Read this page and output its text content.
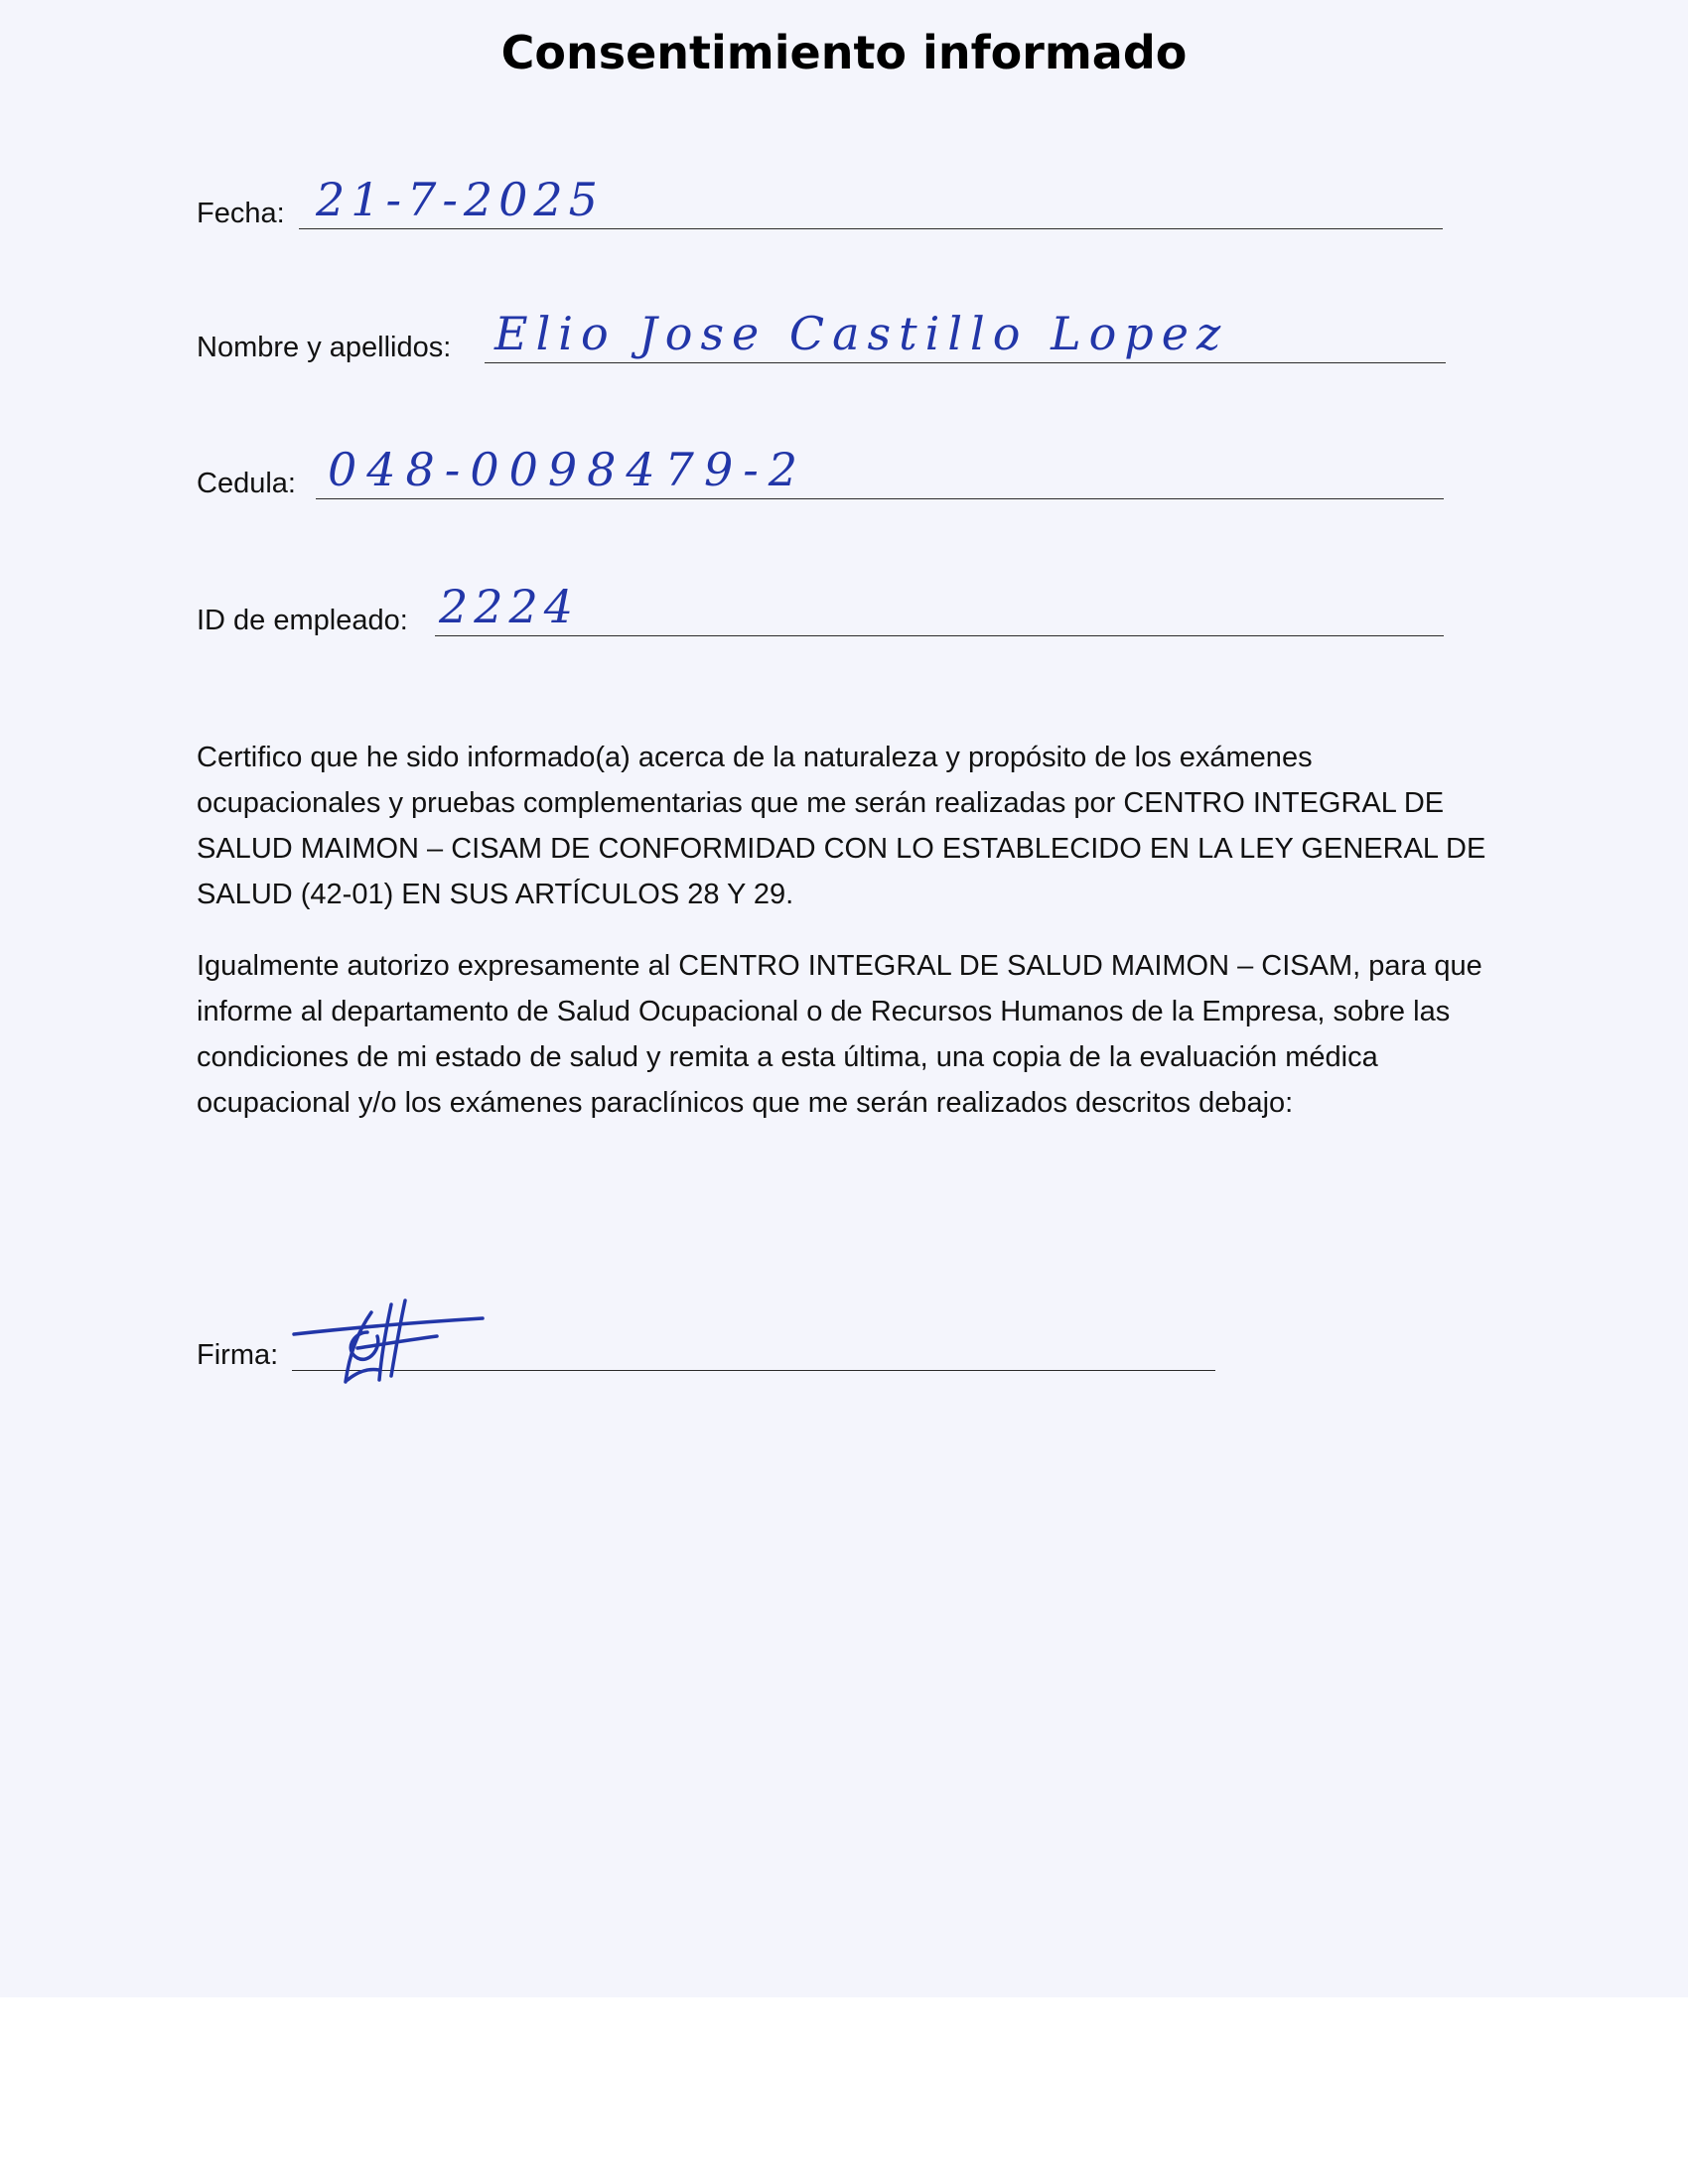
Consentimiento informado
Fecha: 21-7-2025
Nombre y apellidos: Elio Jose Castillo Lopez
Cedula: 048-0098479-2
ID de empleado: 2224

Certifico que he sido informado(a) acerca de la naturaleza y propósito de los exámenes ocupacionales y pruebas complementarias que me serán realizadas por CENTRO INTEGRAL DE SALUD MAIMON – CISAM DE CONFORMIDAD CON LO ESTABLECIDO EN LA LEY GENERAL DE SALUD (42-01) EN SUS ARTÍCULOS 28 Y 29.

Igualmente autorizo expresamente al CENTRO INTEGRAL DE SALUD MAIMON – CISAM, para que informe al departamento de Salud Ocupacional o de Recursos Humanos de la Empresa, sobre las condiciones de mi estado de salud y remita a esta última, una copia de la evaluación médica ocupacional y/o los exámenes paraclínicos que me serán realizados descritos debajo:

Firma:
